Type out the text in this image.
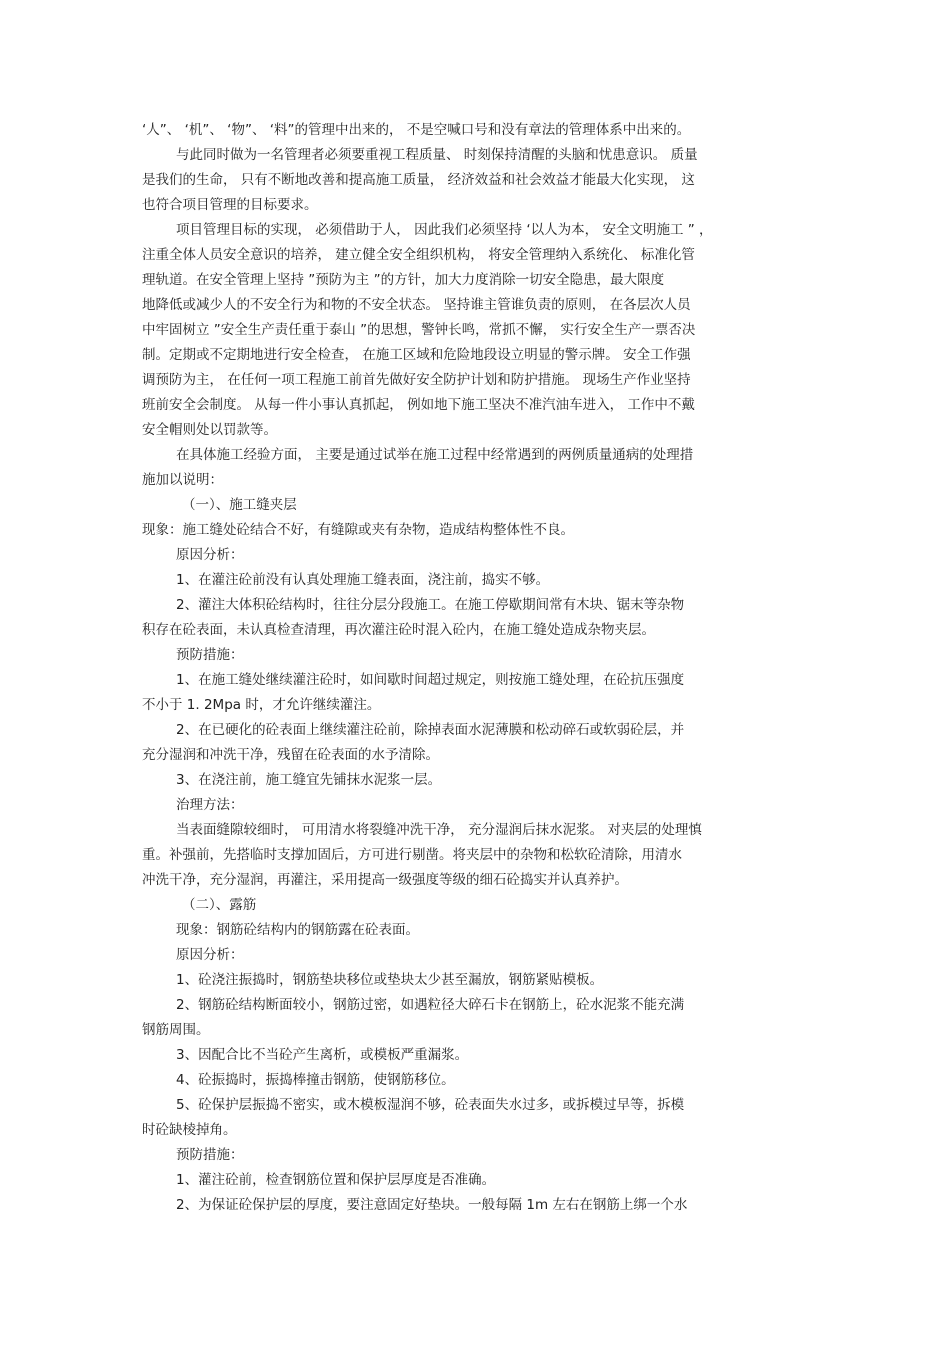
‘人”、 ‘机”、 ‘物”、 ‘料”的管理中出来的， 不是空喊口号和没有章法的管理体系中出来的。
与此同时做为一名管理者必须要重视工程质量、 时刻保持清醒的头脑和忧患意识。 质量
是我们的生命， 只有不断地改善和提高施工质量， 经济效益和社会效益才能最大化实现， 这
也符合项目管理的目标要求。
项目管理目标的实现， 必须借助于人， 因此我们必须坚持 ‘以人为本， 安全文明施工 ” ，
注重全体人员安全意识的培养， 建立健全安全组织机构， 将安全管理纳入系统化、 标准化管
理轨道。在安全管理上坚持 ”预防为主 ”的方针，加大力度消除一切安全隐患，最大限度
地降低或减少人的不安全行为和物的不安全状态。 坚持谁主管谁负责的原则， 在各层次人员
中牢固树立 ”安全生产责任重于泰山 ”的思想，警钟长鸣，常抓不懈， 实行安全生产一票否决
制。定期或不定期地进行安全检查， 在施工区域和危险地段设立明显的警示牌。 安全工作强
调预防为主， 在任何一项工程施工前首先做好安全防护计划和防护措施。 现场生产作业坚持
班前安全会制度。 从每一件小事认真抓起， 例如地下施工坚决不准汽油车进入， 工作中不戴
安全帽则处以罚款等。
在具体施工经验方面， 主要是通过试举在施工过程中经常遇到的两例质量通病的处理措
施加以说明：
（一）、施工缝夹层
现象：施工缝处砼结合不好，有缝隙或夹有杂物，造成结构整体性不良。
原因分析：
1、在灌注砼前没有认真处理施工缝表面，浇注前，捣实不够。
2、灌注大体积砼结构时，往往分层分段施工。在施工停歇期间常有木块、锯末等杂物
积存在砼表面，未认真检查清理，再次灌注砼时混入砼内，在施工缝处造成杂物夹层。
预防措施：
1、在施工缝处继续灌注砼时，如间歇时间超过规定，则按施工缝处理，在砼抗压强度
不小于 1. 2Mpa 时，才允许继续灌注。
2、在已硬化的砼表面上继续灌注砼前，除掉表面水泥薄膜和松动碎石或软弱砼层，并
充分湿润和冲洗干净，残留在砼表面的水予清除。
3、在浇注前，施工缝宜先铺抹水泥浆一层。
治理方法：
当表面缝隙较细时， 可用清水将裂缝冲洗干净， 充分湿润后抹水泥浆。 对夹层的处理慎
重。补强前，先搭临时支撑加固后，方可进行剔凿。将夹层中的杂物和松软砼清除，用清水
冲洗干净，充分湿润，再灌注，采用提高一级强度等级的细石砼捣实并认真养护。
（二）、露筋
现象：钢筋砼结构内的钢筋露在砼表面。
原因分析：
1、砼浇注振捣时，钢筋垫块移位或垫块太少甚至漏放，钢筋紧贴模板。
2、钢筋砼结构断面较小，钢筋过密，如遇粒径大碎石卡在钢筋上，砼水泥浆不能充满
钢筋周围。
3、因配合比不当砼产生离析，或模板严重漏浆。
4、砼振捣时，振捣棒撞击钢筋，使钢筋移位。
5、砼保护层振捣不密实，或木模板湿润不够，砼表面失水过多，或拆模过早等，拆模
时砼缺棱掉角。
预防措施：
1、灌注砼前，检查钢筋位置和保护层厚度是否准确。
2、为保证砼保护层的厚度，要注意固定好垫块。一般每隔 1m 左右在钢筋上绑一个水
